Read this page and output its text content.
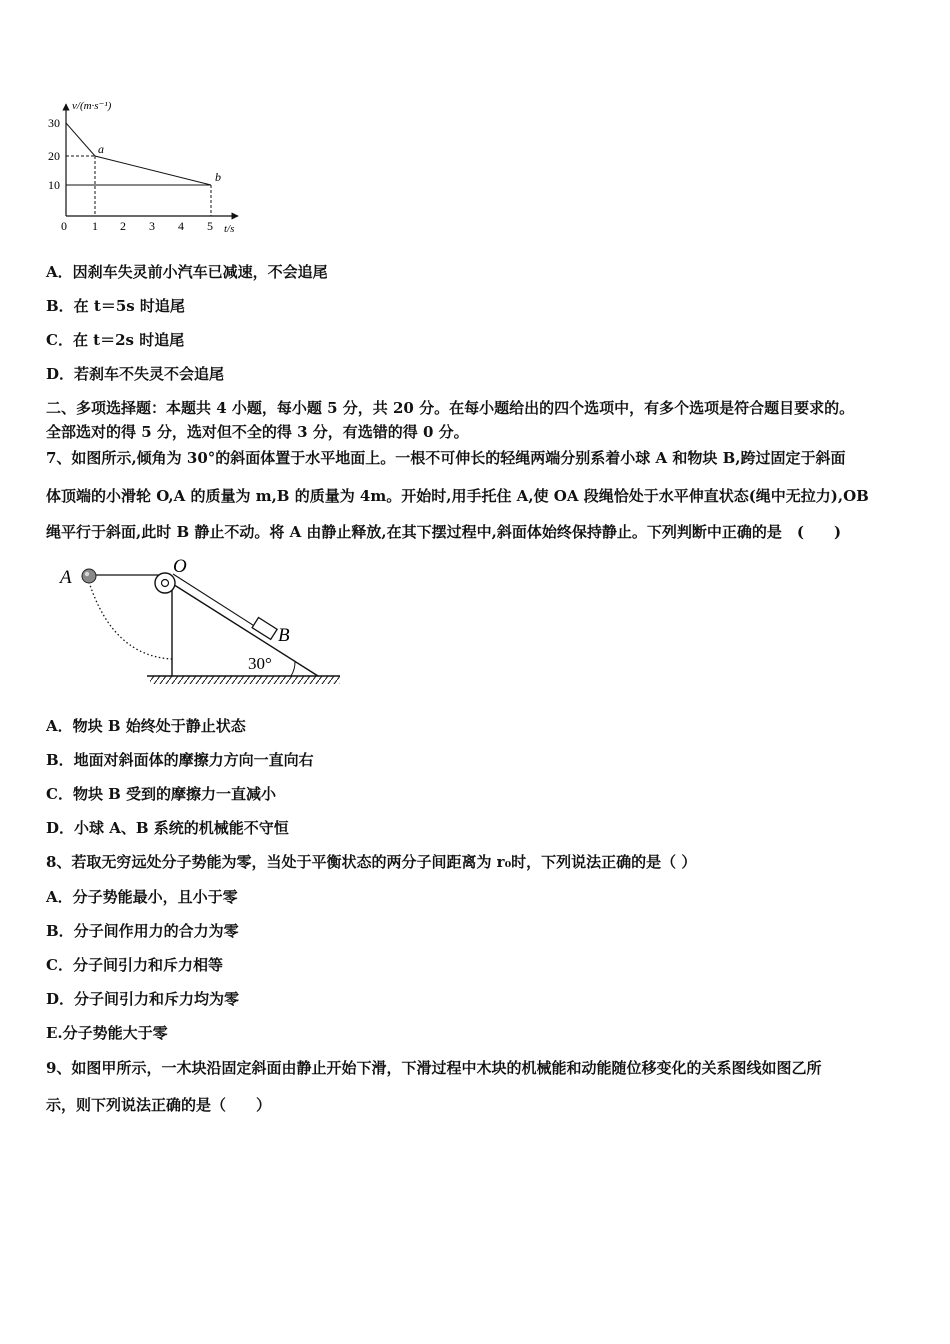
v/(m·s⁻¹)
t/s
30
20
10
0 1 2 3 4 5
a
b
A．因刹车失灵前小汽车已减速，不会追尾
B．在 t＝5s 时追尾
C．在 t＝2s 时追尾
D．若刹车不失灵不会追尾
二、多项选择题：本题共 4 小题，每小题 5 分，共 20 分。在每小题给出的四个选项中，有多个选项是符合题目要求的。
全部选对的得 5 分，选对但不全的得 3 分，有选错的得 0 分。
7、如图所示,倾角为 30°的斜面体置于水平地面上。一根不可伸长的轻绳两端分别系着小球 A 和物块 B,跨过固定于斜面
体顶端的小滑轮 O,A 的质量为 m,B 的质量为 4m。开始时,用手托住 A,使 OA 段绳恰处于水平伸直状态(绳中无拉力),OB
绳平行于斜面,此时 B 静止不动。将 A 由静止释放,在其下摆过程中,斜面体始终保持静止。下列判断中正确的是　(　　)
A
O
B
30°
A．物块 B 始终处于静止状态
B．地面对斜面体的摩擦力方向一直向右
C．物块 B 受到的摩擦力一直减小
D．小球 A、B 系统的机械能不守恒
8、若取无穷远处分子势能为零，当处于平衡状态的两分子间距离为 r₀时，下列说法正确的是（ ）
A．分子势能最小，且小于零
B．分子间作用力的合力为零
C．分子间引力和斥力相等
D．分子间引力和斥力均为零
E.分子势能大于零
9、如图甲所示，一木块沿固定斜面由静止开始下滑，下滑过程中木块的机械能和动能随位移变化的关系图线如图乙所
示，则下列说法正确的是（　　）
